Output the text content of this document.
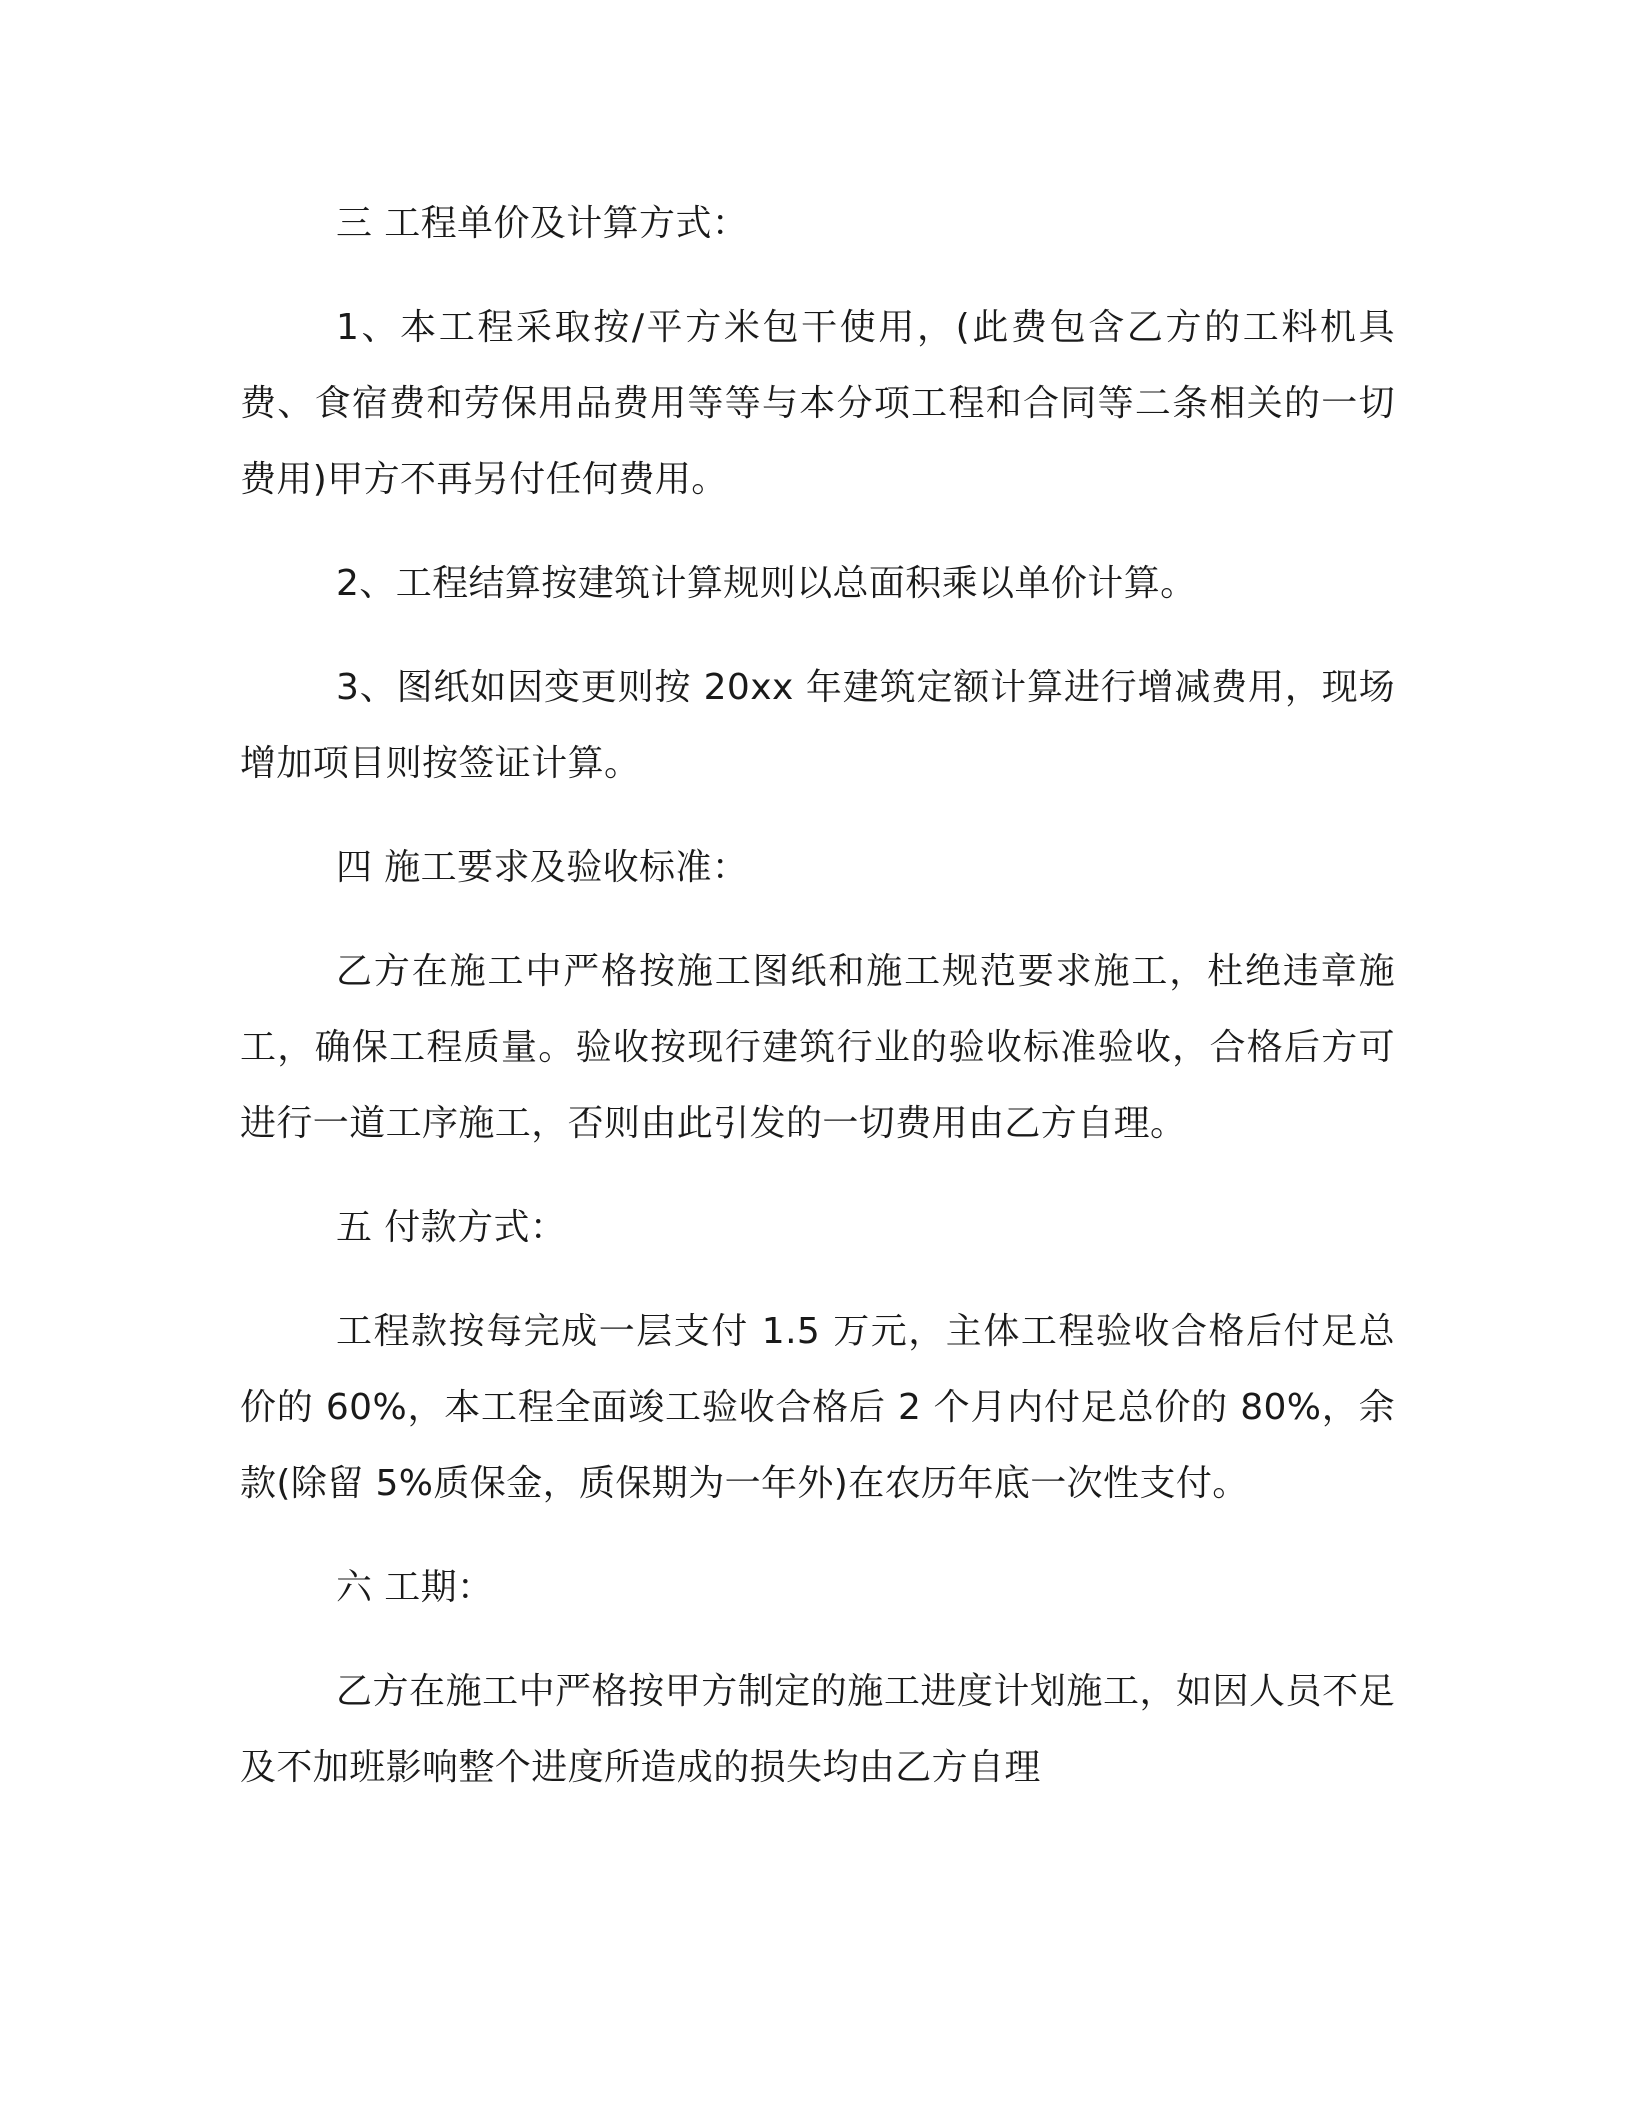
三 工程单价及计算方式：

1、本工程采取按/平方米包干使用，(此费包含乙方的工料机具费、食宿费和劳保用品费用等等与本分项工程和合同等二条相关的一切费用)甲方不再另付任何费用。

2、工程结算按建筑计算规则以总面积乘以单价计算。

3、图纸如因变更则按 20xx 年建筑定额计算进行增减费用，现场增加项目则按签证计算。

四 施工要求及验收标准：

乙方在施工中严格按施工图纸和施工规范要求施工，杜绝违章施工，确保工程质量。验收按现行建筑行业的验收标准验收，合格后方可进行一道工序施工，否则由此引发的一切费用由乙方自理。

五 付款方式：

工程款按每完成一层支付 1.5 万元，主体工程验收合格后付足总价的 60%，本工程全面竣工验收合格后 2 个月内付足总价的 80%，余款(除留 5%质保金，质保期为一年外)在农历年底一次性支付。

六 工期：

乙方在施工中严格按甲方制定的施工进度计划施工，如因人员不足及不加班影响整个进度所造成的损失均由乙方自理
